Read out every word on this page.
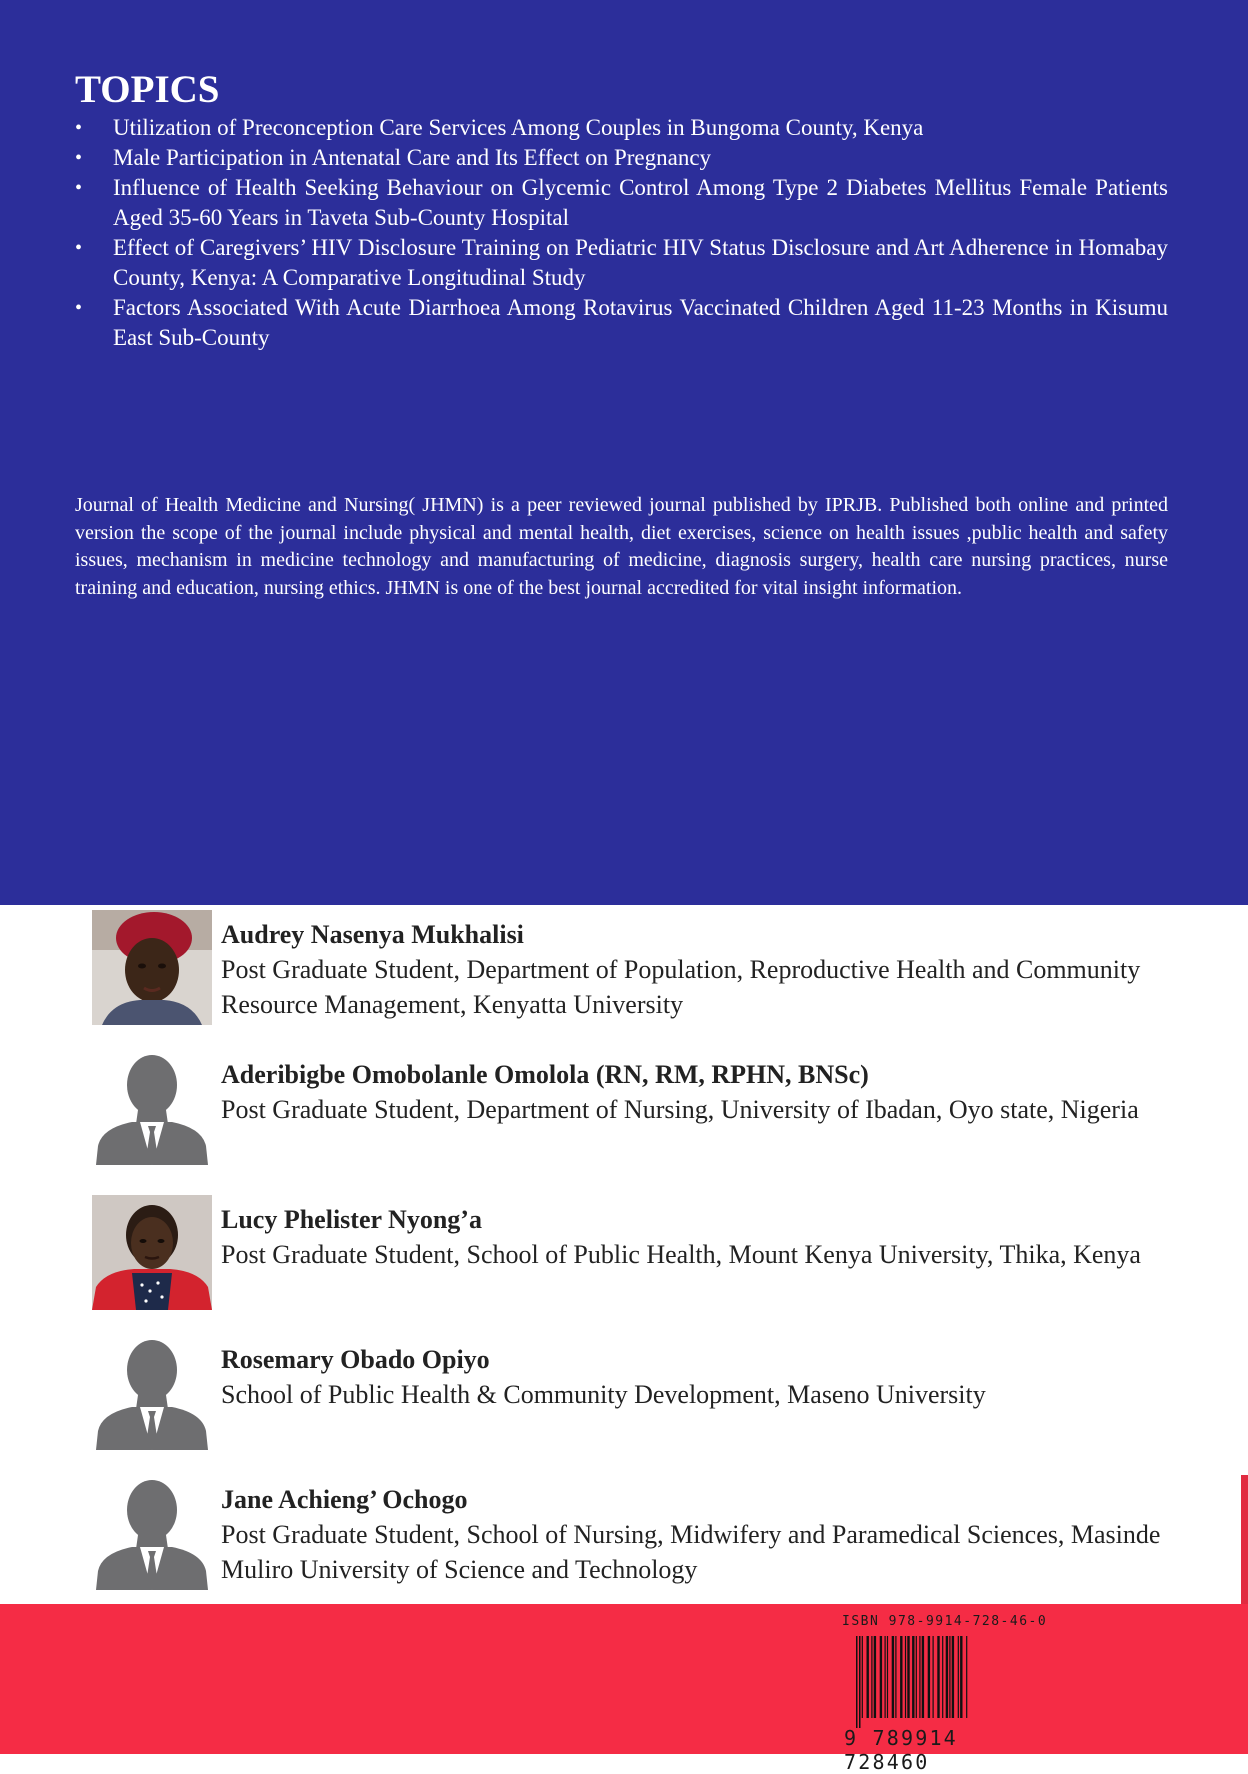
TOPICS
• Utilization of Preconception Care Services Among Couples in Bungoma County, Kenya
• Male Participation in Antenatal Care and Its Effect on Pregnancy
• Influence of Health Seeking Behaviour on Glycemic Control Among Type 2 Diabetes Mellitus Female Patients Aged 35-60 Years in Taveta Sub-County Hospital
• Effect of Caregivers’ HIV Disclosure Training on Pediatric HIV Status Disclosure and Art Adherence in Homabay County, Kenya: A Comparative Longitudinal Study
• Factors Associated With Acute Diarrhoea Among Rotavirus Vaccinated Children Aged 11-23 Months in Kisumu East Sub-County

Journal of Health Medicine and Nursing( JHMN) is a peer reviewed journal published by IPRJB. Published both online and printed version the scope of the journal include physical and mental health, diet exercises, science on health issues ,public health and safety issues, mechanism in medicine technology and manufacturing of medicine, diagnosis surgery, health care nursing practices, nurse training and education, nursing ethics. JHMN is one of the best journal accredited for vital insight information.

Audrey Nasenya Mukhalisi

Post Graduate Student, Department of Population, Reproductive Health and Community Resource Management, Kenyatta University

Aderibigbe Omobolanle Omolola (RN, RM, RPHN, BNSc)

Post Graduate Student, Department of Nursing, University of Ibadan, Oyo state, Nigeria

Lucy Phelister Nyong’a

Post Graduate Student, School of Public Health, Mount Kenya University, Thika, Kenya

Rosemary Obado Opiyo

School of Public Health & Community Development, Maseno University

Jane Achieng’ Ochogo

Post Graduate Student, School of Nursing, Midwifery and Paramedical Sciences, Masinde Muliro University of Science and Technology

ISBN 978-9914-728-46-0
9 789914 728460
